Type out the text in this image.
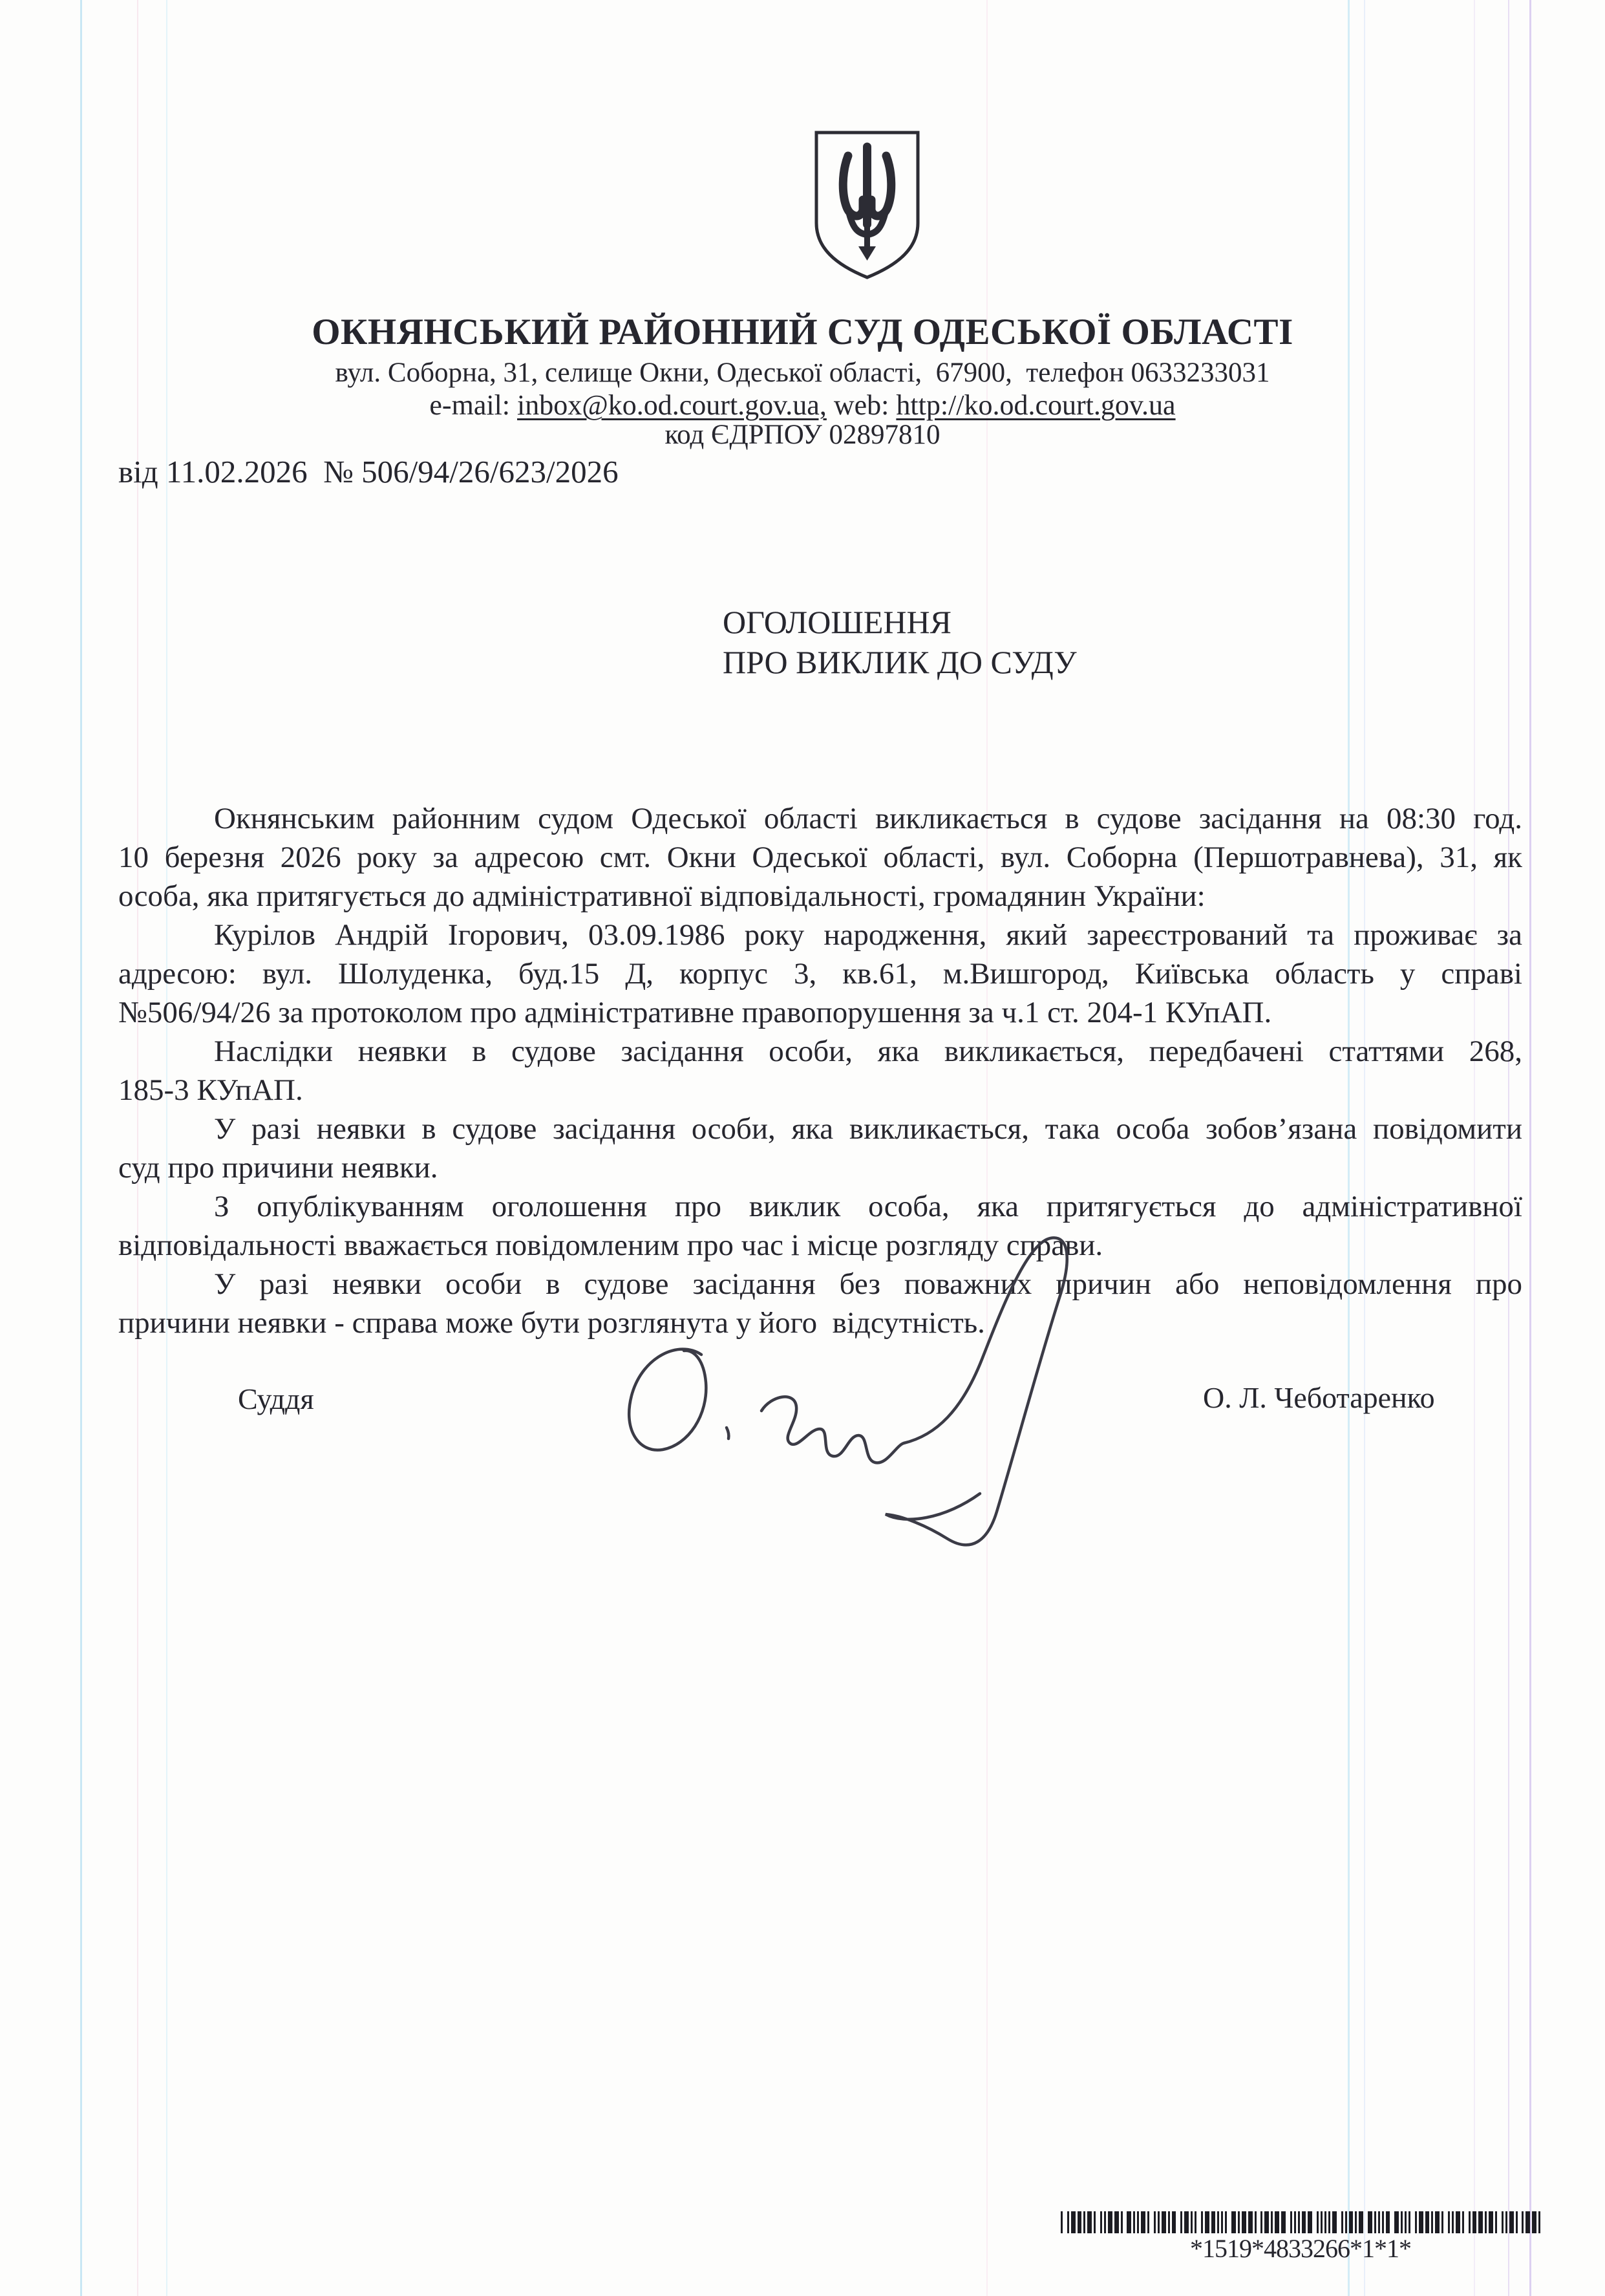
ОКНЯНСЬКИЙ РАЙОННИЙ СУД ОДЕСЬКОЇ ОБЛАСТІ
вул. Соборна, 31, селище Окни, Одеської області,  67900,  телефон 0633233031
e-mail: inbox@ko.od.court.gov.ua, web: http://ko.od.court.gov.ua
код ЄДРПОУ 02897810
від 11.02.2026  № 506/94/26/623/2026
ОГОЛОШЕННЯ
ПРО ВИКЛИК ДО СУДУ
Окнянським районним судом Одеської області викликається в судове засідання на 08:30 год.
10 березня 2026 року за адресою смт. Окни Одеської області, вул. Соборна (Першотравнева), 31, як
особа, яка притягується до адміністративної відповідальності, громадянин України:
Курілов Андрій Ігорович, 03.09.1986 року народження, який зареєстрований та проживає за
адресою: вул. Шолуденка, буд.15 Д, корпус 3, кв.61, м.Вишгород, Київська область у справі
№506/94/26 за протоколом про адміністративне правопорушення за ч.1 ст. 204-1 КУпАП.
Наслідки неявки в судове засідання особи, яка викликається, передбачені статтями 268,
185-3 КУпАП.
У разі неявки в судове засідання особи, яка викликається, така особа зобов’язана повідомити
суд про причини неявки.
З опублікуванням оголошення про виклик особа, яка притягується до адміністративної
відповідальності вважається повідомленим про час і місце розгляду справи.
У разі неявки особи в судове засідання без поважних причин або неповідомлення про
причини неявки - справа може бути розглянута у його  відсутність.
Суддя	О. Л. Чеботаренко
*1519*4833266*1*1*
